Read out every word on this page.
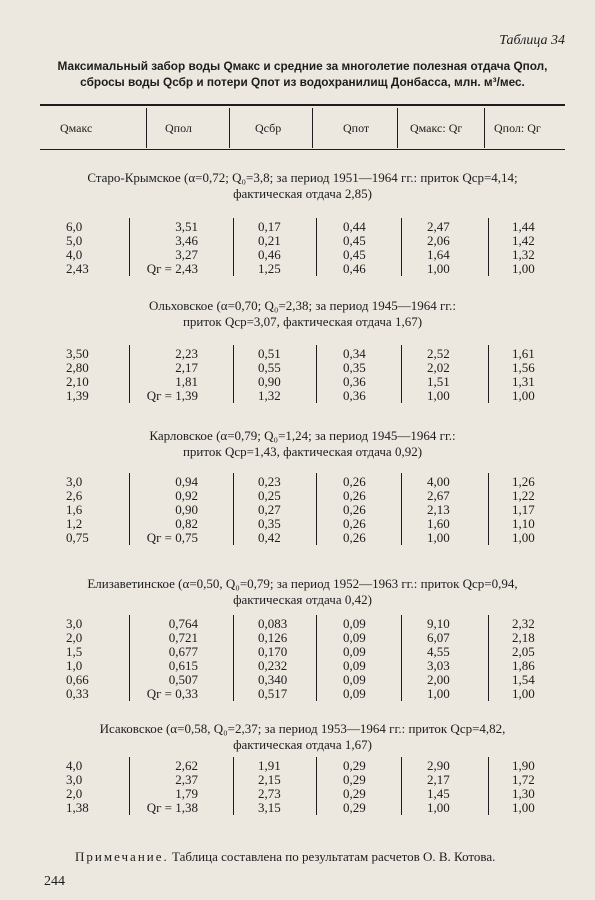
Таблица 34
Максимальный забор воды Qмакс и средние за многолетие полезная отдача Qпол,
сбросы воды Qсбр и потери Qпот из водохранилищ Донбасса, млн. м³/мес.
Qмакс	Qпол	Qсбр	Qпот	Qмакс: Qг	Qпол: Qг
Старо-Крымское (α=0,72; Q₀=3,8; за период 1951—1964 гг.: приток Qср=4,14;
фактическая отдача 2,85)
6,0	3,51	0,17	0,44	2,47	1,44
5,0	3,46	0,21	0,45	2,06	1,42
4,0	3,27	0,46	0,45	1,64	1,32
2,43	Qг = 2,43	1,25	0,46	1,00	1,00
Ольховское (α=0,70; Q₀=2,38; за период 1945—1964 гг.:
приток Qср=3,07, фактическая отдача 1,67)
3,50	2,23	0,51	0,34	2,52	1,61
2,80	2,17	0,55	0,35	2,02	1,56
2,10	1,81	0,90	0,36	1,51	1,31
1,39	Qг = 1,39	1,32	0,36	1,00	1,00
Карловское (α=0,79; Q₀=1,24; за период 1945—1964 гг.:
приток Qср=1,43, фактическая отдача 0,92)
3,0	0,94	0,23	0,26	4,00	1,26
2,6	0,92	0,25	0,26	2,67	1,22
1,6	0,90	0,27	0,26	2,13	1,17
1,2	0,82	0,35	0,26	1,60	1,10
0,75	Qг = 0,75	0,42	0,26	1,00	1,00
Елизаветинское (α=0,50, Q₀=0,79; за период 1952—1963 гг.: приток Qср=0,94,
фактическая отдача 0,42)
3,0	0,764	0,083	0,09	9,10	2,32
2,0	0,721	0,126	0,09	6,07	2,18
1,5	0,677	0,170	0,09	4,55	2,05
1,0	0,615	0,232	0,09	3,03	1,86
0,66	0,507	0,340	0,09	2,00	1,54
0,33	Qг = 0,33	0,517	0,09	1,00	1,00
Исаковское (α=0,58, Q₀=2,37; за период 1953—1964 гг.: приток Qср=4,82,
фактическая отдача 1,67)
4,0	2,62	1,91	0,29	2,90	1,90
3,0	2,37	2,15	0,29	2,17	1,72
2,0	1,79	2,73	0,29	1,45	1,30
1,38	Qг = 1,38	3,15	0,29	1,00	1,00
Примечание. Таблица составлена по результатам расчетов О. В. Котова.
244
